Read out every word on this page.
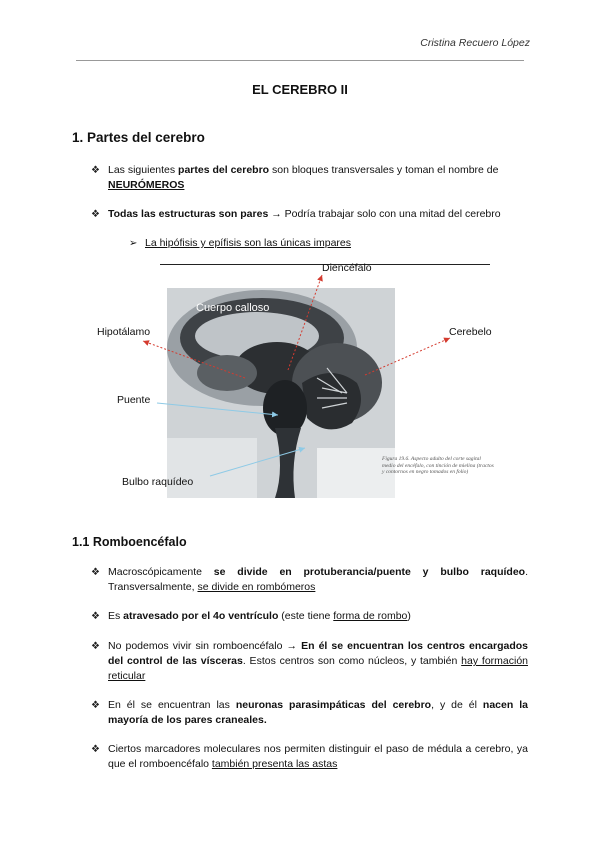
Cristina Recuero López
EL CEREBRO II
1. Partes del cerebro
❖ Las siguientes partes del cerebro son bloques transversales y toman el nombre de NEURÓMEROS
❖ Todas las estructuras son pares → Podría trabajar solo con una mitad del cerebro
➢ La hipófisis y epífisis son las únicas impares
Figura 19.6. Aspecto adulto del corte sagital medio del encéfalo, con tinción de mielina (tractos y contornos en negro tomados en folio)
Cuerpo calloso
Diencéfalo
Hipotálamo	Cerebelo
Puente
Bulbo raquídeo
1.1 Romboencéfalo
❖ Macroscópicamente se divide en protuberancia/puente y bulbo raquídeo. Transversalmente, se divide en rombómeros
❖ Es atravesado por el 4o ventrículo (este tiene forma de rombo)
❖ No podemos vivir sin romboencéfalo → En él se encuentran los centros encargados del control de las vísceras. Estos centros son como núcleos, y también hay formación reticular
❖ En él se encuentran las neuronas parasimpáticas del cerebro, y de él nacen la mayoría de los pares craneales.
❖ Ciertos marcadores moleculares nos permiten distinguir el paso de médula a cerebro, ya que el romboencéfalo también presenta las astas
